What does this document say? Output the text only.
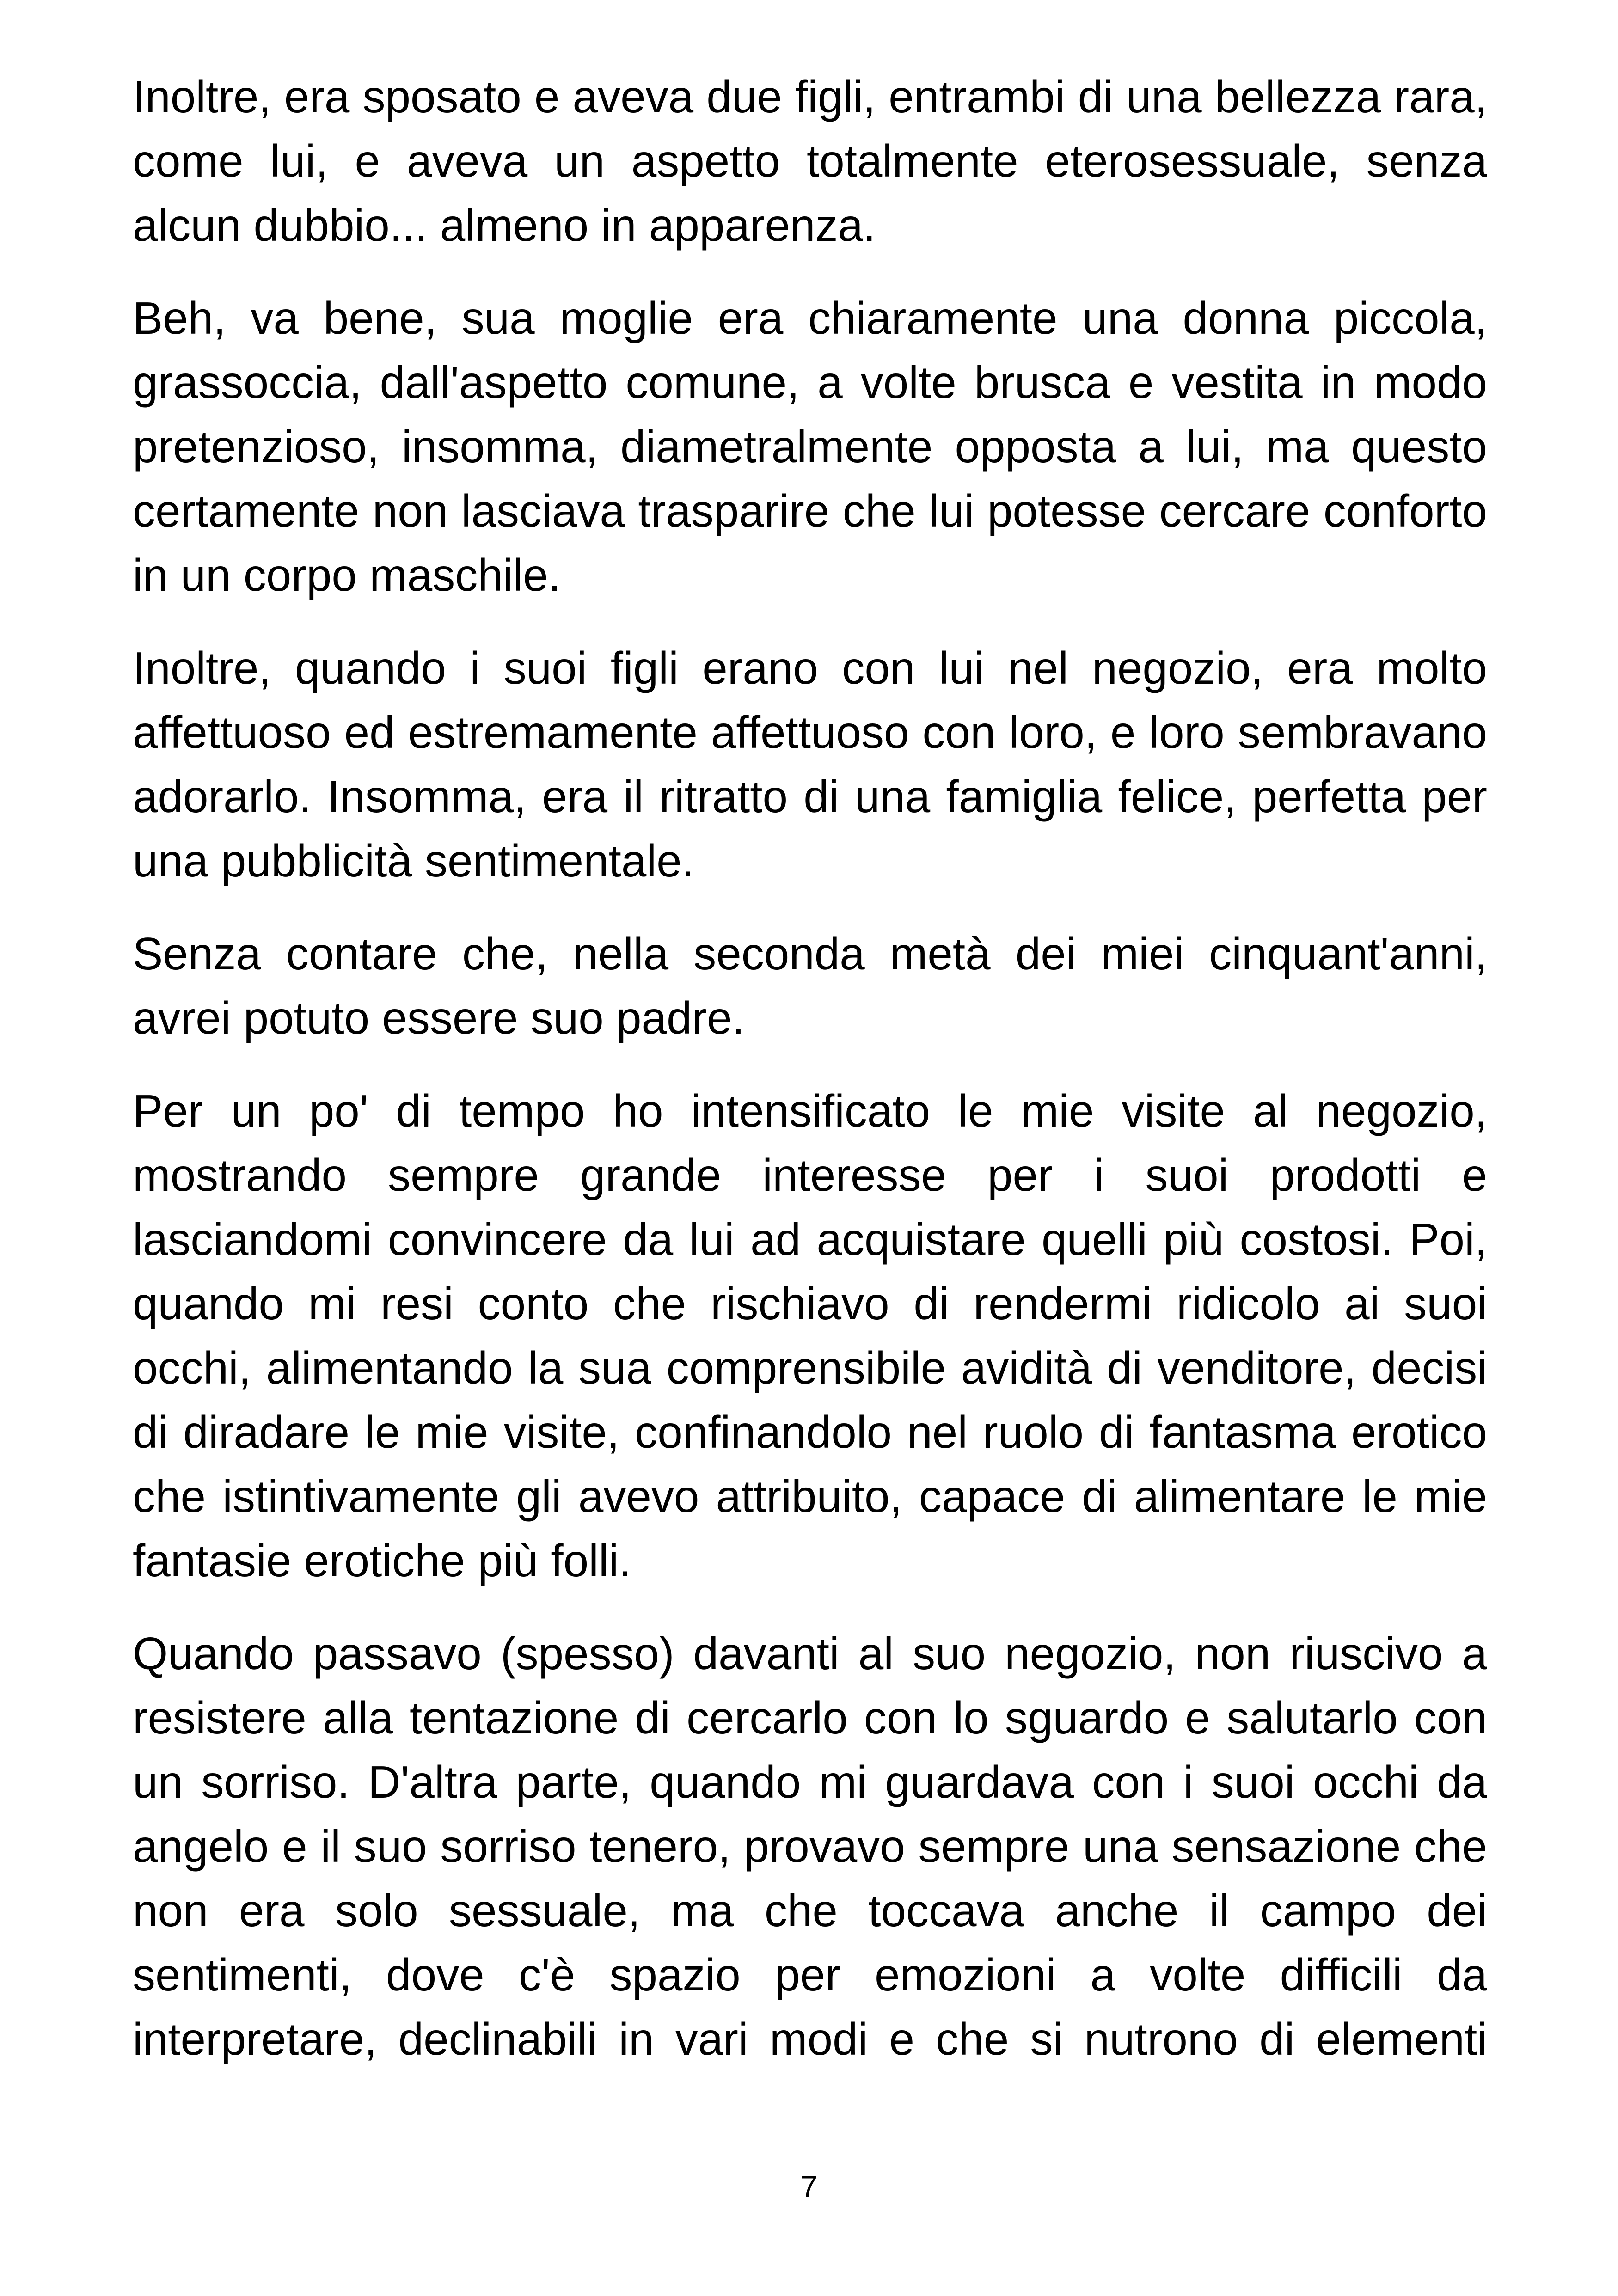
Inoltre, era sposato e aveva due figli, entrambi di una bellezza rara, come lui, e aveva un aspetto totalmente eterosessuale, senza alcun dubbio... almeno in apparenza.

Beh, va bene, sua moglie era chiaramente una donna piccola, grassoccia, dall'aspetto comune, a volte brusca e vestita in modo pretenzioso, insomma, diametralmente opposta a lui, ma questo certamente non lasciava trasparire che lui potesse cercare conforto in un corpo maschile.

Inoltre, quando i suoi figli erano con lui nel negozio, era molto affettuoso ed estremamente affettuoso con loro, e loro sembravano adorarlo. Insomma, era il ritratto di una famiglia felice, perfetta per una pubblicità sentimentale.

Senza contare che, nella seconda metà dei miei cinquant'anni, avrei potuto essere suo padre.

Per un po' di tempo ho intensificato le mie visite al negozio, mostrando sempre grande interesse per i suoi prodotti e lasciandomi convincere da lui ad acquistare quelli più costosi. Poi, quando mi resi conto che rischiavo di rendermi ridicolo ai suoi occhi, alimentando la sua comprensibile avidità di venditore, decisi di diradare le mie visite, confinandolo nel ruolo di fantasma erotico che istintivamente gli avevo attribuito, capace di alimentare le mie fantasie erotiche più folli.

Quando passavo (spesso) davanti al suo negozio, non riuscivo a resistere alla tentazione di cercarlo con lo sguardo e salutarlo con un sorriso. D'altra parte, quando mi guardava con i suoi occhi da angelo e il suo sorriso tenero, provavo sempre una sensazione che non era solo sessuale, ma che toccava anche il campo dei sentimenti, dove c'è spazio per emozioni a volte difficili da interpretare, declinabili in vari modi e che si nutrono di elementi

7
